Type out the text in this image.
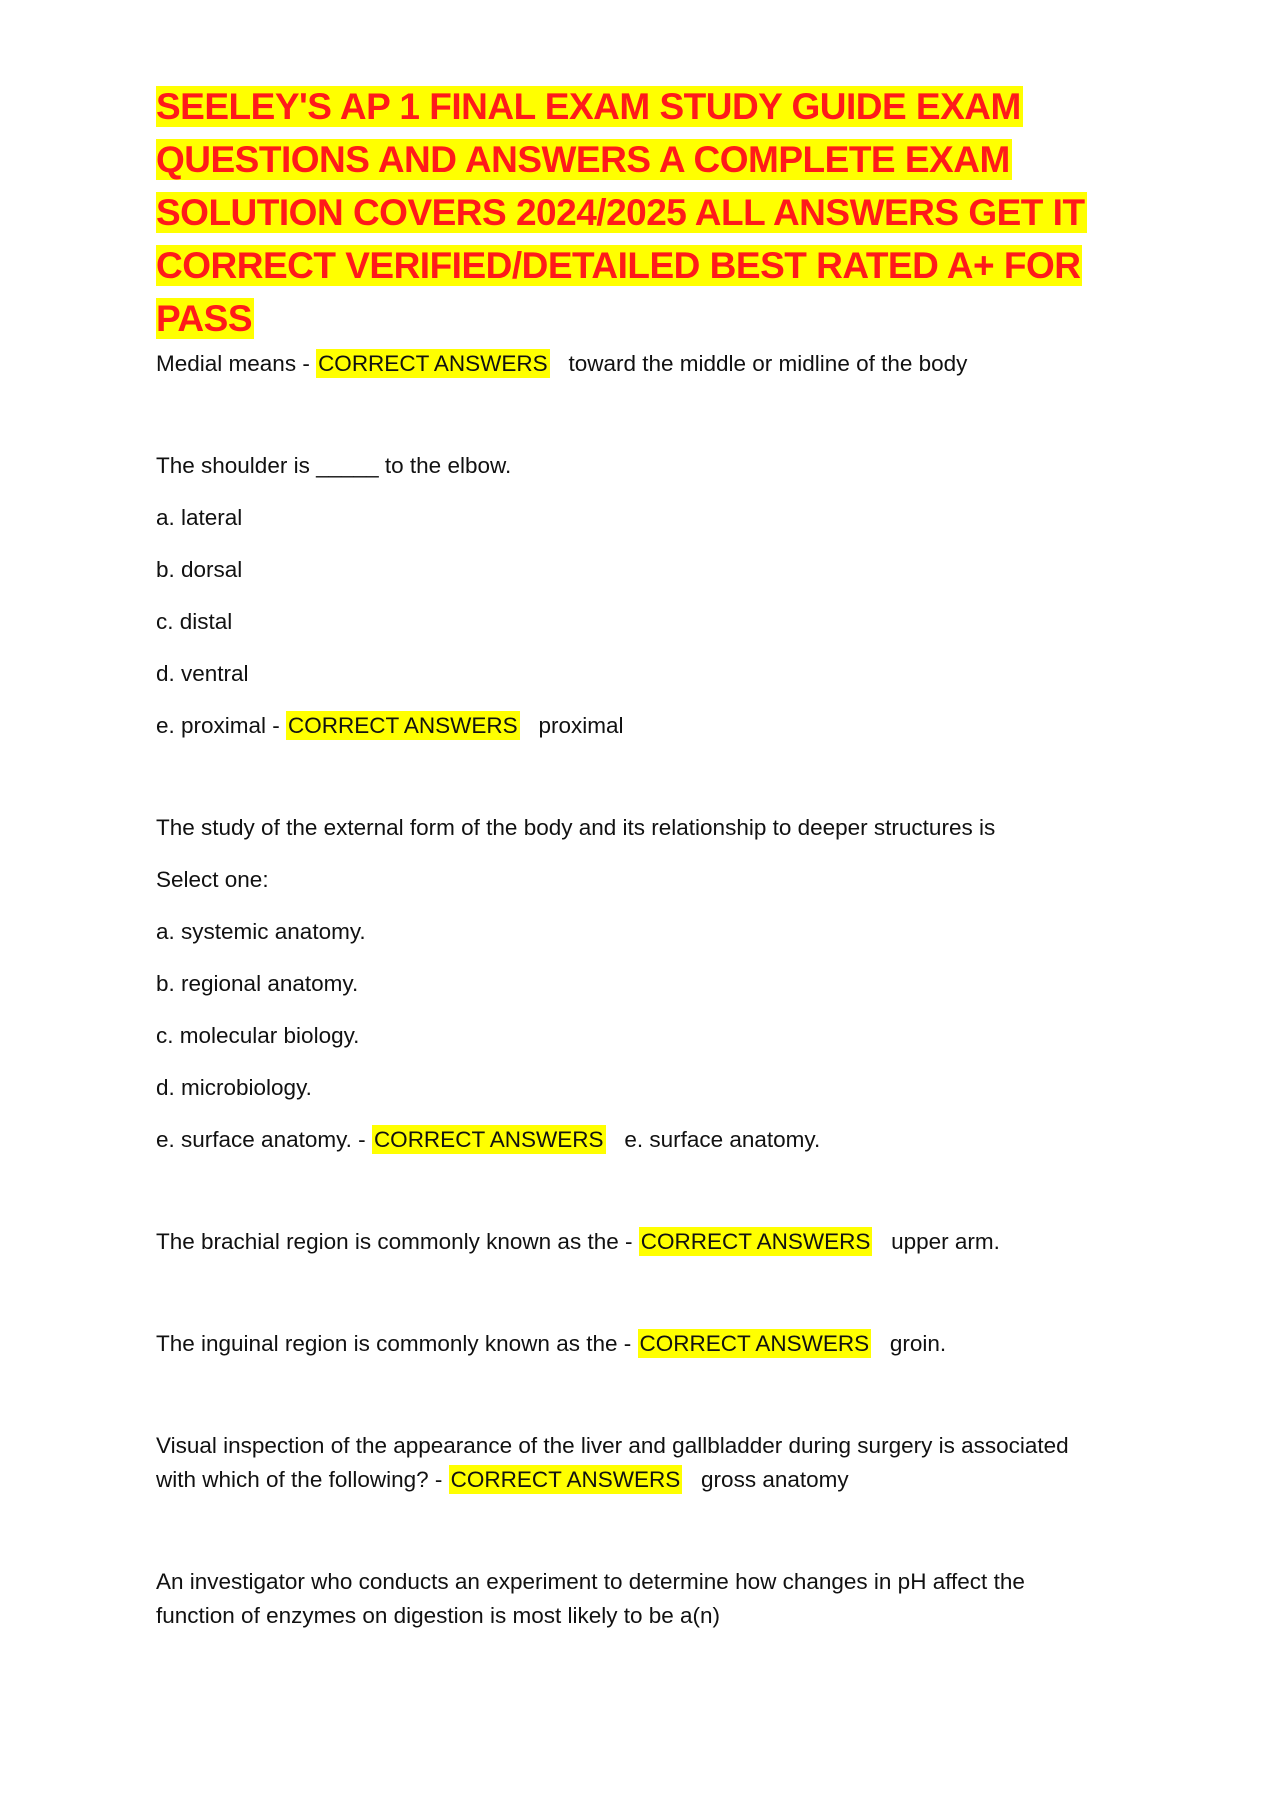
SEELEY'S AP 1 FINAL EXAM STUDY GUIDE EXAM QUESTIONS AND ANSWERS A COMPLETE EXAM SOLUTION COVERS 2024/2025 ALL ANSWERS GET IT CORRECT VERIFIED/DETAILED BEST RATED A+ FOR PASS

Medial means - CORRECT ANSWERS toward the middle or midline of the body

The shoulder is _____ to the elbow.

a. lateral

b. dorsal

c. distal

d. ventral

e. proximal - CORRECT ANSWERS proximal

The study of the external form of the body and its relationship to deeper structures is

Select one:

a. systemic anatomy.

b. regional anatomy.

c. molecular biology.

d. microbiology.

e. surface anatomy. - CORRECT ANSWERS e. surface anatomy.

The brachial region is commonly known as the - CORRECT ANSWERS upper arm.

The inguinal region is commonly known as the - CORRECT ANSWERS groin.

Visual inspection of the appearance of the liver and gallbladder during surgery is associated

with which of the following? - CORRECT ANSWERS gross anatomy

An investigator who conducts an experiment to determine how changes in pH affect the

function of enzymes on digestion is most likely to be a(n)
